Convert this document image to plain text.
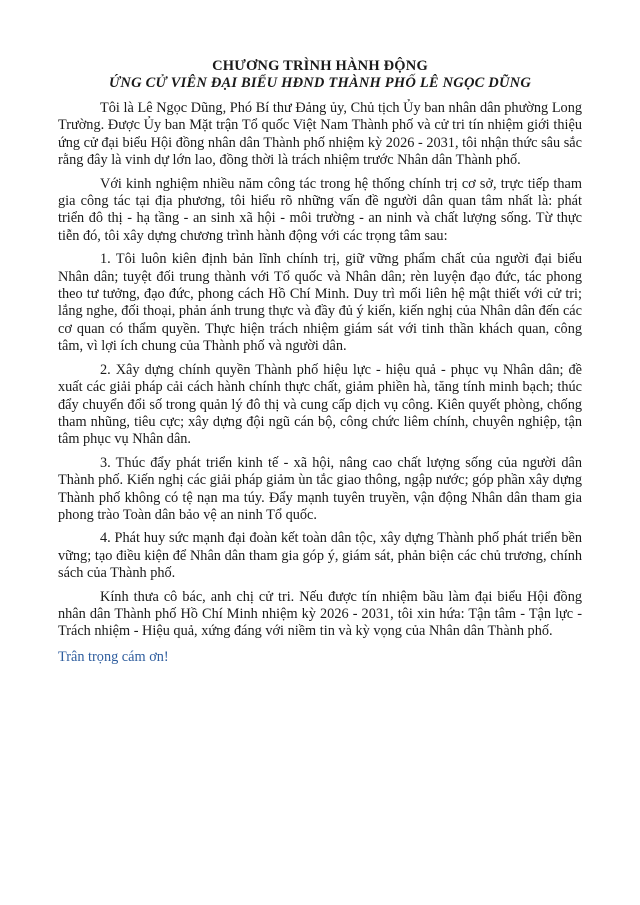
CHƯƠNG TRÌNH HÀNH ĐỘNG
ỨNG CỬ VIÊN ĐẠI BIỂU HĐND THÀNH PHỐ LÊ NGỌC DŨNG

Tôi là Lê Ngọc Dũng, Phó Bí thư Đảng ủy, Chủ tịch Ủy ban nhân dân phường Long Trường. Được Ủy ban Mặt trận Tổ quốc Việt Nam Thành phố và cử tri tín nhiệm giới thiệu ứng cử đại biểu Hội đồng nhân dân Thành phố nhiệm kỳ 2026 - 2031, tôi nhận thức sâu sắc rằng đây là vinh dự lớn lao, đồng thời là trách nhiệm trước Nhân dân Thành phố.

Với kinh nghiệm nhiều năm công tác trong hệ thống chính trị cơ sở, trực tiếp tham gia công tác tại địa phương, tôi hiểu rõ những vấn đề người dân quan tâm nhất là: phát triển đô thị - hạ tầng - an sinh xã hội - môi trường - an ninh và chất lượng sống. Từ thực tiễn đó, tôi xây dựng chương trình hành động với các trọng tâm sau:

1. Tôi luôn kiên định bản lĩnh chính trị, giữ vững phẩm chất của người đại biểu Nhân dân; tuyệt đối trung thành với Tổ quốc và Nhân dân; rèn luyện đạo đức, tác phong theo tư tưởng, đạo đức, phong cách Hồ Chí Minh. Duy trì mối liên hệ mật thiết với cử tri; lắng nghe, đối thoại, phản ánh trung thực và đầy đủ ý kiến, kiến nghị của Nhân dân đến các cơ quan có thẩm quyền. Thực hiện trách nhiệm giám sát với tinh thần khách quan, công tâm, vì lợi ích chung của Thành phố và người dân.

2. Xây dựng chính quyền Thành phố hiệu lực - hiệu quả - phục vụ Nhân dân; đề xuất các giải pháp cải cách hành chính thực chất, giảm phiền hà, tăng tính minh bạch; thúc đẩy chuyển đổi số trong quản lý đô thị và cung cấp dịch vụ công. Kiên quyết phòng, chống tham nhũng, tiêu cực; xây dựng đội ngũ cán bộ, công chức liêm chính, chuyên nghiệp, tận tâm phục vụ Nhân dân.

3. Thúc đẩy phát triển kinh tế - xã hội, nâng cao chất lượng sống của người dân Thành phố. Kiến nghị các giải pháp giảm ùn tắc giao thông, ngập nước; góp phần xây dựng Thành phố không có tệ nạn ma túy. Đẩy mạnh tuyên truyền, vận động Nhân dân tham gia phong trào Toàn dân bảo vệ an ninh Tổ quốc.

4. Phát huy sức mạnh đại đoàn kết toàn dân tộc, xây dựng Thành phố phát triển bền vững; tạo điều kiện để Nhân dân tham gia góp ý, giám sát, phản biện các chủ trương, chính sách của Thành phố.

Kính thưa cô bác, anh chị cử tri. Nếu được tín nhiệm bầu làm đại biểu Hội đồng nhân dân Thành phố Hồ Chí Minh nhiệm kỳ 2026 - 2031, tôi xin hứa: Tận tâm - Tận lực - Trách nhiệm - Hiệu quả, xứng đáng với niềm tin và kỳ vọng của Nhân dân Thành phố.

Trân trọng cám ơn!
